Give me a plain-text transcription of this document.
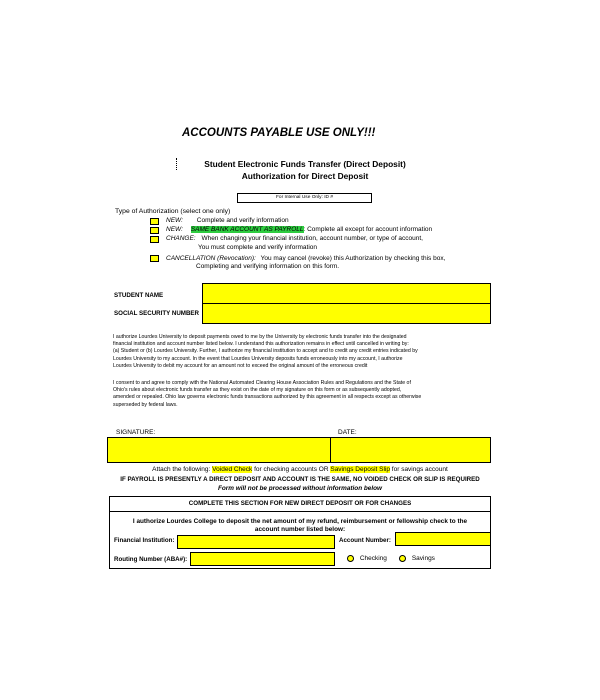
ACCOUNTS PAYABLE USE ONLY!!!
Student Electronic Funds Transfer (Direct Deposit)
Authorization for Direct Deposit
For Internal Use Only: ID #
Type of Authorization (select one only)
NEW: Complete and verify information
NEW: SAME BANK ACCOUNT AS PAYROLL: Complete all except for account information
CHANGE: When changing your financial institution, account number, or type of account,
You must complete and verify information
CANCELLATION (Revocation): You may cancel (revoke) this Authorization by checking this box,
Completing and verifying information on this form.
STUDENT NAME
SOCIAL SECURITY NUMBER
I authorize Lourdes University to deposit payments owed to me by the University by electronic funds transfer into the designated
financial institution and account number listed below. I understand this authorization remains in effect until cancelled in writing by:
(a) Student or (b) Lourdes University. Further, I authorize my financial institution to accept and to credit any credit entries indicated by
Lourdes University to my account. In the event that Lourdes University deposits funds erroneously into my account, I authorize
Lourdes University to debit my account for an amount not to exceed the original amount of the erroneous credit
I consent to and agree to comply with the National Automated Clearing House Association Rules and Regulations and the State of
Ohio's rules about electronic funds transfer as they exist on the date of my signature on this form or as subsequently adopted,
amended or repealed. Ohio law governs electronic funds transactions authorized by this agreement in all respects except as otherwise
superseded by federal laws.
SIGNATURE:	DATE:
Attach the following: Voided Check for checking accounts OR Savings Deposit Slip for savings account
IF PAYROLL IS PRESENTLY A DIRECT DEPOSIT AND ACCOUNT IS THE SAME, NO VOIDED CHECK OR SLIP IS REQUIRED
Form will not be processed without information below
COMPLETE THIS SECTION FOR NEW DIRECT DEPOSIT OR FOR CHANGES
I authorize Lourdes College to deposit the net amount of my refund, reimbursement or fellowship check to the
account number listed below:
Financial Institution:	Account Number:
Routing Number (ABA#):	Checking	Savings
